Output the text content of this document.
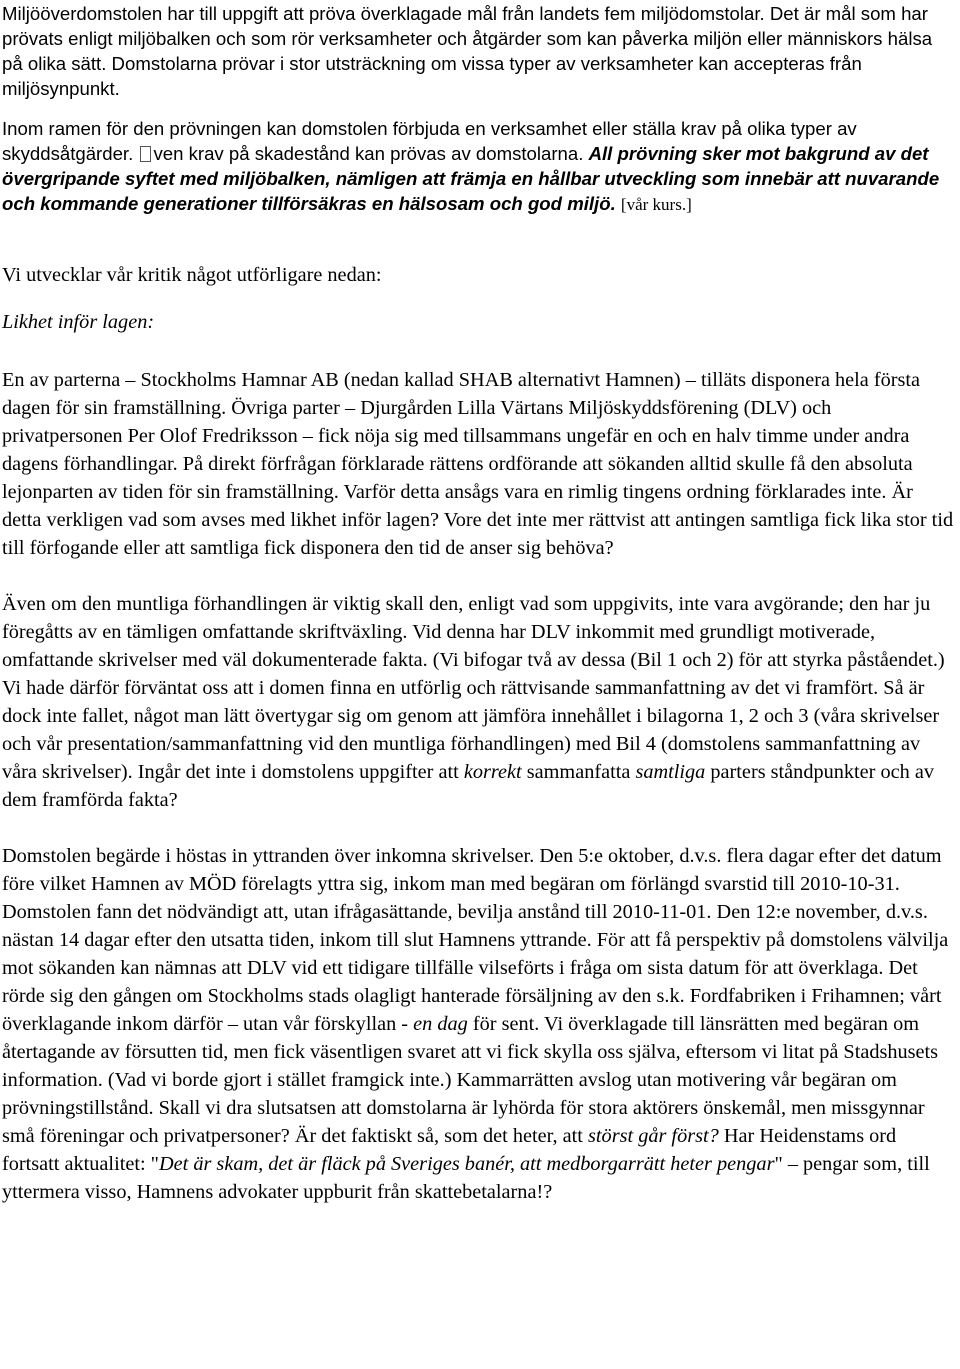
Miljööverdomstolen har till uppgift att pröva överklagade mål från landets fem miljödomstolar. Det är mål som har prövats enligt miljöbalken och som rör verksamheter och åtgärder som kan påverka miljön eller människors hälsa på olika sätt. Domstolarna prövar i stor utsträckning om vissa typer av verksamheter kan accepteras från miljösynpunkt.

Inom ramen för den prövningen kan domstolen förbjuda en verksamhet eller ställa krav på olika typer av skyddsåtgärder. ven krav på skadestånd kan prövas av domstolarna. All prövning sker mot bakgrund av det övergripande syftet med miljöbalken, nämligen att främja en hållbar utveckling som innebär att nuvarande och kommande generationer tillförsäkras en hälsosam och god miljö. [vår kurs.]

Vi utvecklar vår kritik något utförligare nedan:

Likhet inför lagen:

En av parterna – Stockholms Hamnar AB (nedan kallad SHAB alternativt Hamnen) – tilläts disponera hela första dagen för sin framställning. Övriga parter – Djurgården Lilla Värtans Miljöskyddsförening (DLV) och privatpersonen Per Olof Fredriksson – fick nöja sig med tillsammans ungefär en och en halv timme under andra dagens förhandlingar. På direkt förfrågan förklarade rättens ordförande att sökanden alltid skulle få den absoluta lejonparten av tiden för sin framställning. Varför detta ansågs vara en rimlig tingens ordning förklarades inte. Är detta verkligen vad som avses med likhet inför lagen? Vore det inte mer rättvist att antingen samtliga fick lika stor tid till förfogande eller att samtliga fick disponera den tid de anser sig behöva?

Även om den muntliga förhandlingen är viktig skall den, enligt vad som uppgivits, inte vara avgörande; den har ju föregåtts av en tämligen omfattande skriftväxling. Vid denna har DLV inkommit med grundligt motiverade, omfattande skrivelser med väl dokumenterade fakta. (Vi bifogar två av dessa (Bil 1 och 2) för att styrka påståendet.) Vi hade därför förväntat oss att i domen finna en utförlig och rättvisande sammanfattning av det vi framfört. Så är dock inte fallet, något man lätt övertygar sig om genom att jämföra innehållet i bilagorna 1, 2 och 3 (våra skrivelser och vår presentation/sammanfattning vid den muntliga förhandlingen) med Bil 4 (domstolens sammanfattning av våra skrivelser). Ingår det inte i domstolens uppgifter att korrekt sammanfatta samtliga parters ståndpunkter och av dem framförda fakta?

Domstolen begärde i höstas in yttranden över inkomna skrivelser. Den 5:e oktober, d.v.s. flera dagar efter det datum före vilket Hamnen av MÖD förelagts yttra sig, inkom man med begäran om förlängd svarstid till 2010-10-31. Domstolen fann det nödvändigt att, utan ifrågasättande, bevilja anstånd till 2010-11-01. Den 12:e november, d.v.s. nästan 14 dagar efter den utsatta tiden, inkom till slut Hamnens yttrande. För att få perspektiv på domstolens välvilja mot sökanden kan nämnas att DLV vid ett tidigare tillfälle vilseförts i fråga om sista datum för att överklaga. Det rörde sig den gången om Stockholms stads olagligt hanterade försäljning av den s.k. Fordfabriken i Frihamnen; vårt överklagande inkom därför – utan vår förskyllan - en dag för sent. Vi överklagade till länsrätten med begäran om återtagande av försutten tid, men fick väsentligen svaret att vi fick skylla oss själva, eftersom vi litat på Stadshusets information. (Vad vi borde gjort i stället framgick inte.) Kammarrätten avslog utan motivering vår begäran om prövningstillstånd. Skall vi dra slutsatsen att domstolarna är lyhörda för stora aktörers önskemål, men missgynnar små föreningar och privatpersoner? Är det faktiskt så, som det heter, att störst går först? Har Heidenstams ord fortsatt aktualitet: "Det är skam, det är fläck på Sveriges banér, att medborgarrätt heter pengar" – pengar som, till yttermera visso, Hamnens advokater uppburit från skattebetalarna!?
